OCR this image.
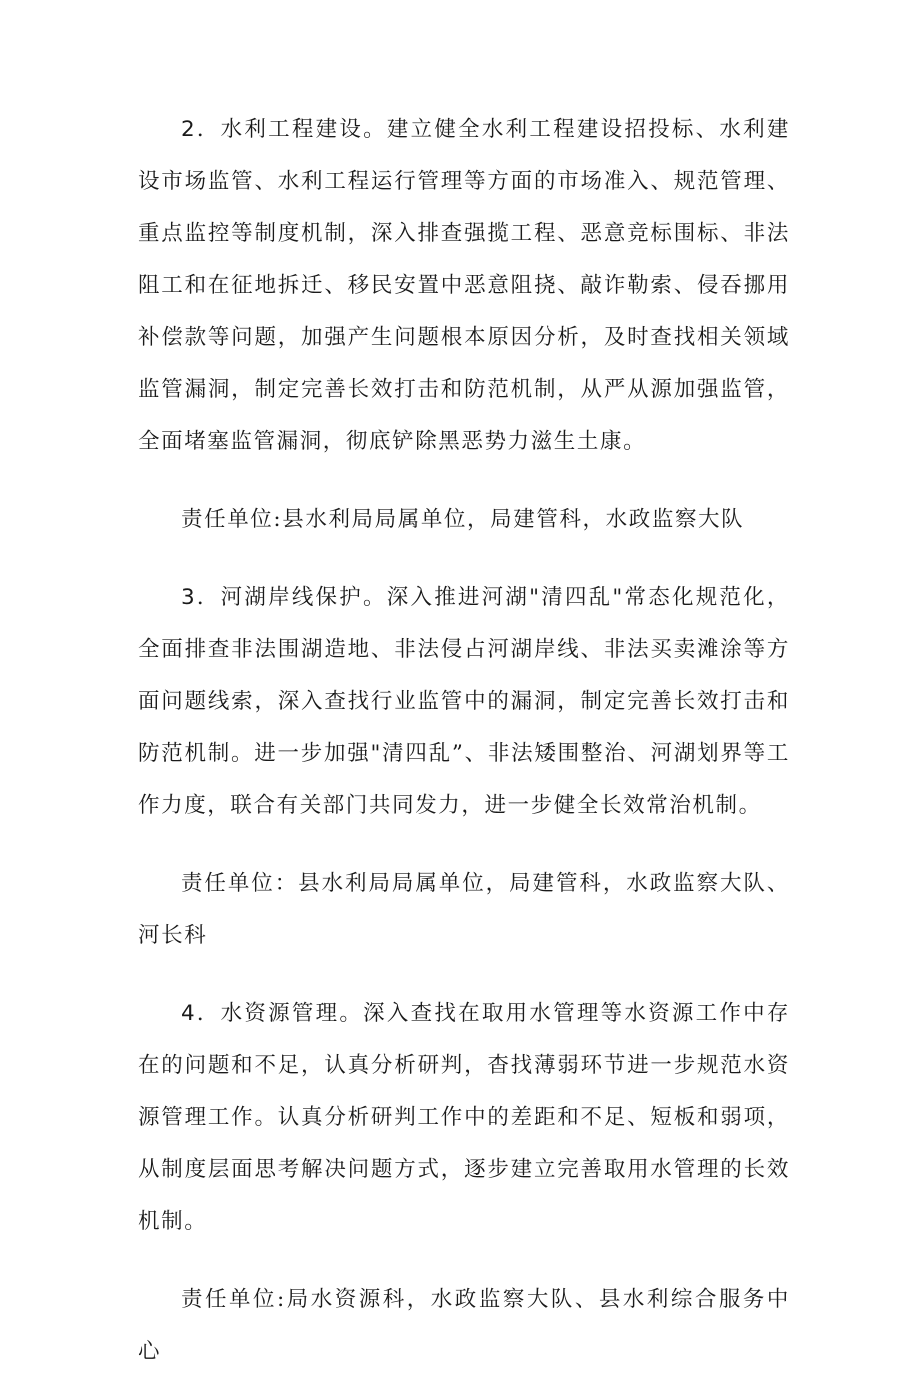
2．水利工程建设。建立健全水利工程建设招投标、水利建设市场监管、水利工程运行管理等方面的市场准入、规范管理、重点监控等制度机制，深入排查强揽工程、恶意竞标围标、非法阻工和在征地拆迁、移民安置中恶意阻挠、敲诈勒索、侵吞挪用补偿款等问题，加强产生问题根本原因分析，及时查找相关领域监管漏洞，制定完善长效打击和防范机制，从严从源加强监管，全面堵塞监管漏洞，彻底铲除黑恶势力滋生土康。

责任单位:县水利局局属单位，局建管科，水政监察大队

3．河湖岸线保护。深入推进河湖"清四乱"常态化规范化，全面排查非法围湖造地、非法侵占河湖岸线、非法买卖滩涂等方面问题线索，深入查找行业监管中的漏洞，制定完善长效打击和防范机制。进一步加强"清四乱”、非法矮围整治、河湖划界等工作力度，联合有关部门共同发力，进一步健全长效常治机制。

责任单位：县水利局局属单位，局建管科，水政监察大队、河长科

4．水资源管理。深入查找在取用水管理等水资源工作中存在的问题和不足，认真分析研判，杳找薄弱环节进一步规范水资源管理工作。认真分析研判工作中的差距和不足、短板和弱项，从制度层面思考解决问题方式，逐步建立完善取用水管理的长效机制。

责任单位:局水资源科，水政监察大队、县水利综合服务中心
